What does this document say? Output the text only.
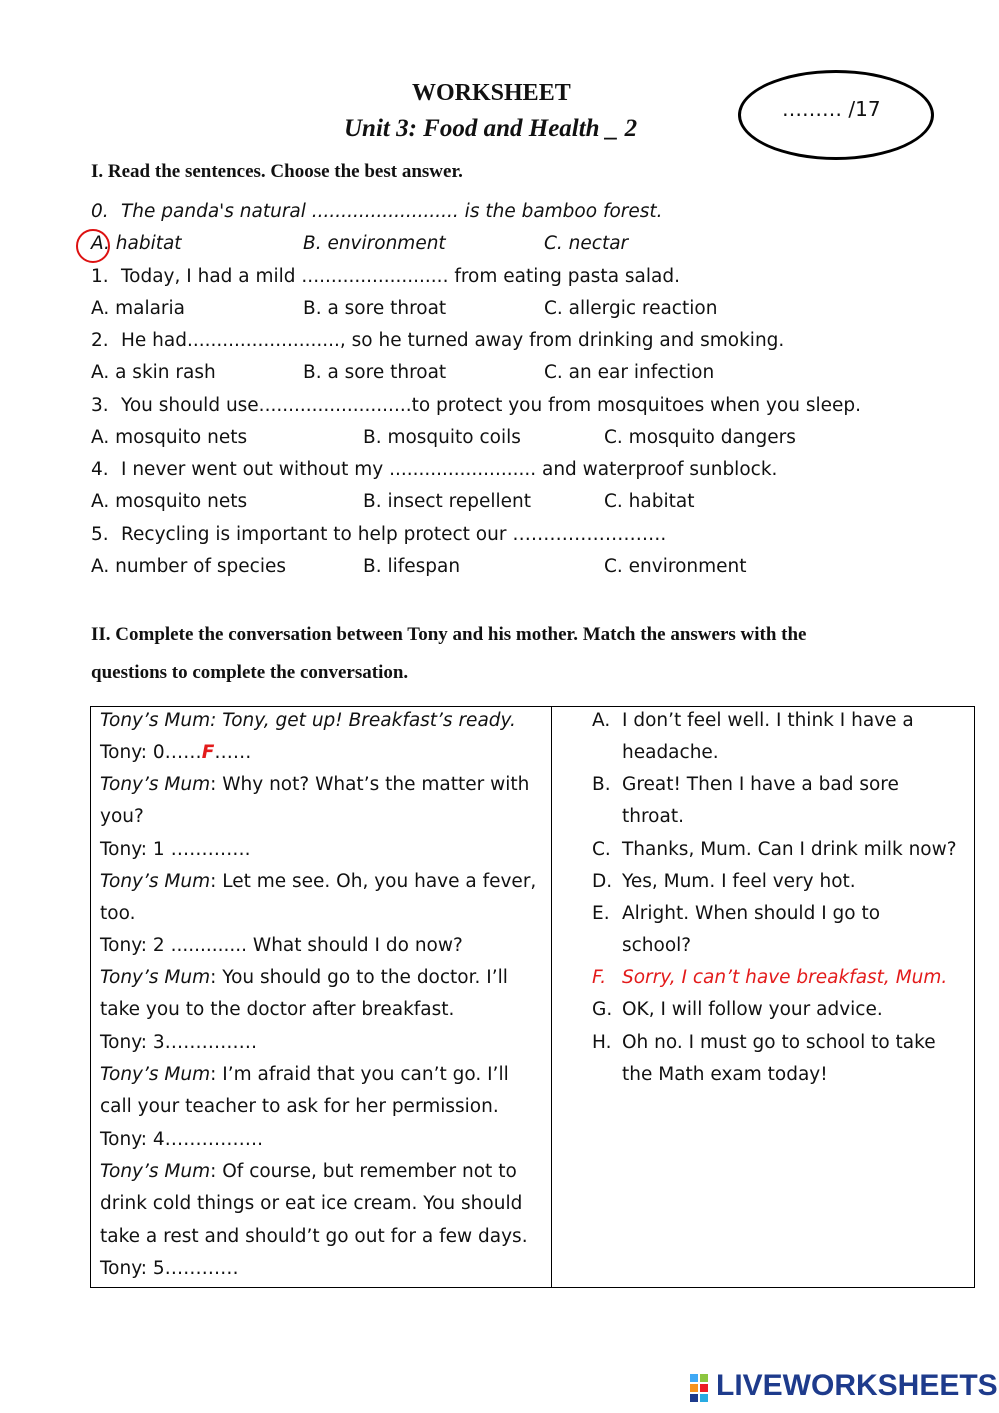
WORKSHEET
Unit 3: Food and Health _ 2
……… /17
I. Read the sentences. Choose the best answer.
0. The panda's natural ......................... is the bamboo forest.
A. habitat	B. environment	C. nectar
1. Today, I had a mild ......................... from eating pasta salad.
A. malaria	B. a sore throat	C. allergic reaction
2. He had.........................., so he turned away from drinking and smoking.
A. a skin rash	B. a sore throat	C. an ear infection
3. You should use..........................to protect you from mosquitoes when you sleep.
A. mosquito nets	B. mosquito coils	C. mosquito dangers
4. I never went out without my ......................... and waterproof sunblock.
A. mosquito nets	B. insect repellent	C. habitat
5. Recycling is important to help protect our …………………….
A. number of species	B. lifespan	C. environment
II. Complete the conversation between Tony and his mother. Match the answers with the
questions to complete the conversation.
Tony’s Mum: Tony, get up! Breakfast’s ready.
Tony: 0……F……
Tony’s Mum: Why not? What’s the matter with
you?
Tony: 1 ………….
Tony’s Mum: Let me see. Oh, you have a fever,
too.
Tony: 2 ............. What should I do now?
Tony’s Mum: You should go to the doctor. I’ll
take you to the doctor after breakfast.
Tony: 3……………
Tony’s Mum: I’m afraid that you can’t go. I’ll
call your teacher to ask for her permission.
Tony: 4…………….
Tony’s Mum: Of course, but remember not to
drink cold things or eat ice cream. You should
take a rest and should’t go out for a few days.
Tony: 5…………
A. I don’t feel well. I think I have a
headache.
B. Great! Then I have a bad sore
throat.
C. Thanks, Mum. Can I drink milk now?
D. Yes, Mum. I feel very hot.
E. Alright. When should I go to
school?
F. Sorry, I can’t have breakfast, Mum.
G. OK, I will follow your advice.
H. Oh no. I must go to school to take
the Math exam today!
LIVEWORKSHEETS
